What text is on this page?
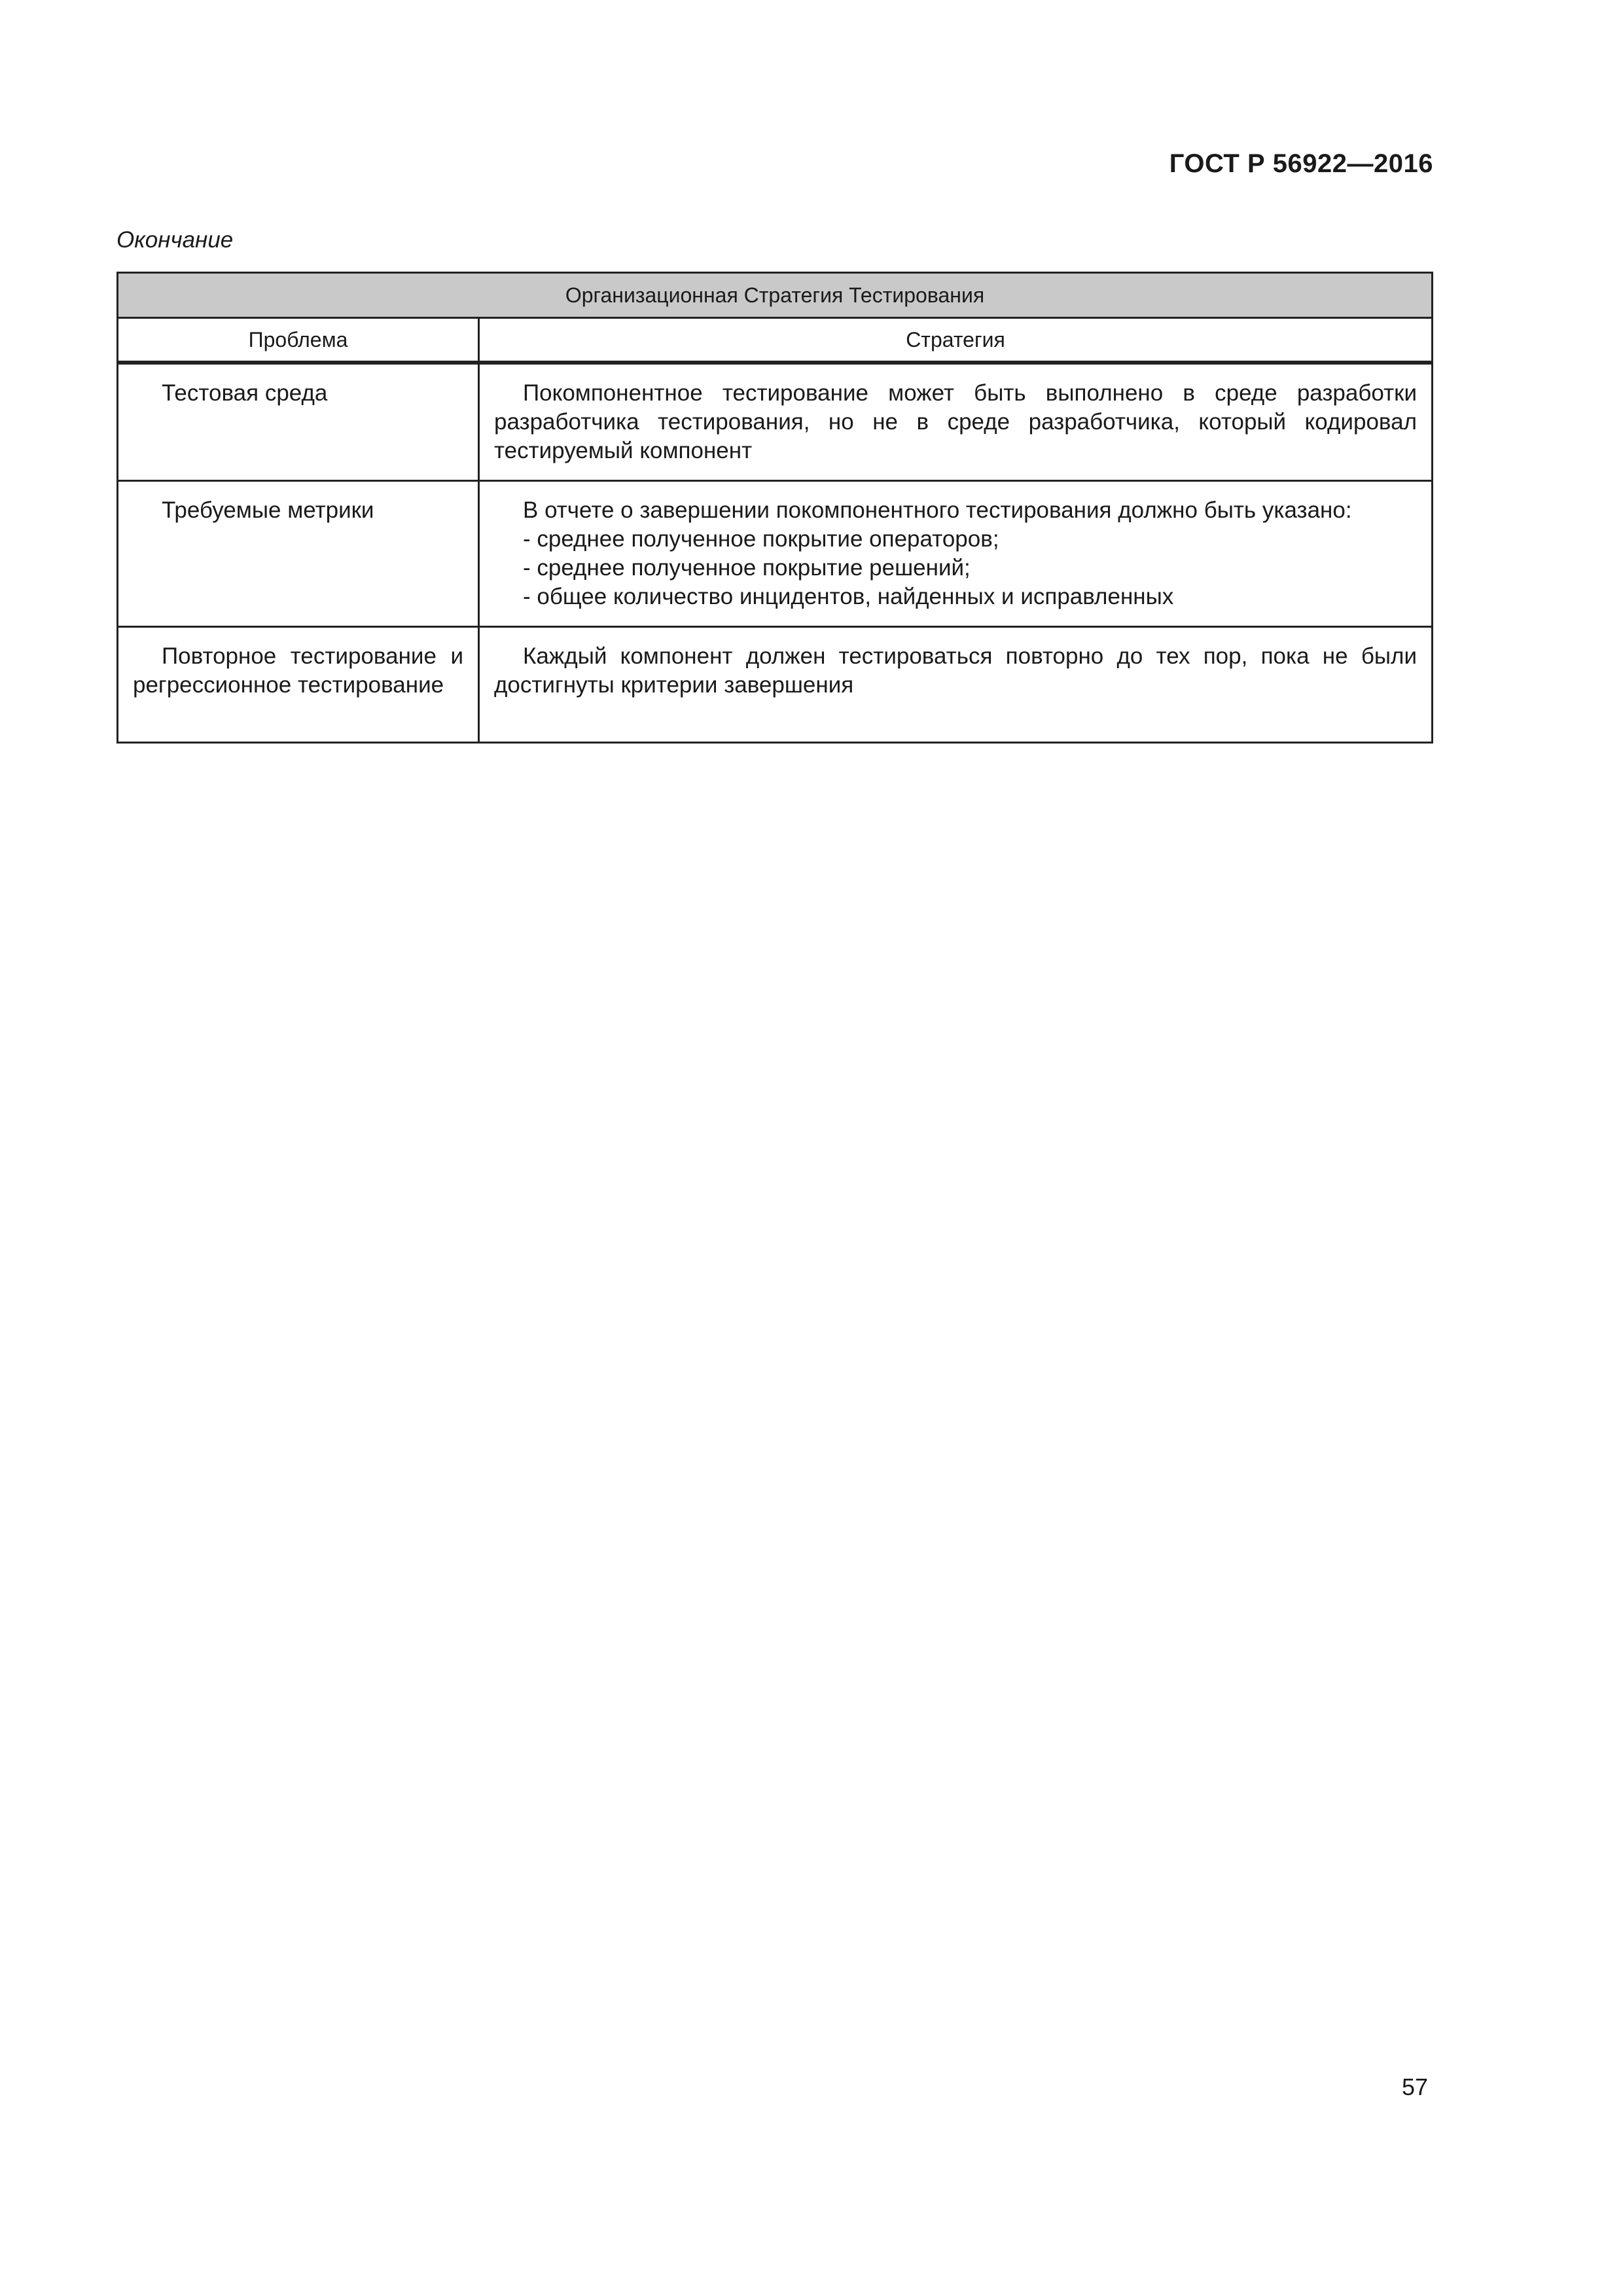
ГОСТ Р 56922—2016
Окончание
Организационная Стратегия Тестирования	
Проблема	Стратегия

Тестовая среда	Покомпонентное тестирование может быть выполнено в среде разработки разработчика тестирования, но не в среде разработчика, который кодировал тестируемый компонент

Требуемые метрики	В отчете о завершении покомпонентного тестирования должно быть указано:

- среднее полученное покрытие операторов;

- среднее полученное покрытие решений;

- общее количество инцидентов, найденных и исправленных

Повторное тестирование и регрессионное тестирование	Каждый компонент должен тестироваться повторно до тех пор, пока не были достигнуты критерии завершения

57
